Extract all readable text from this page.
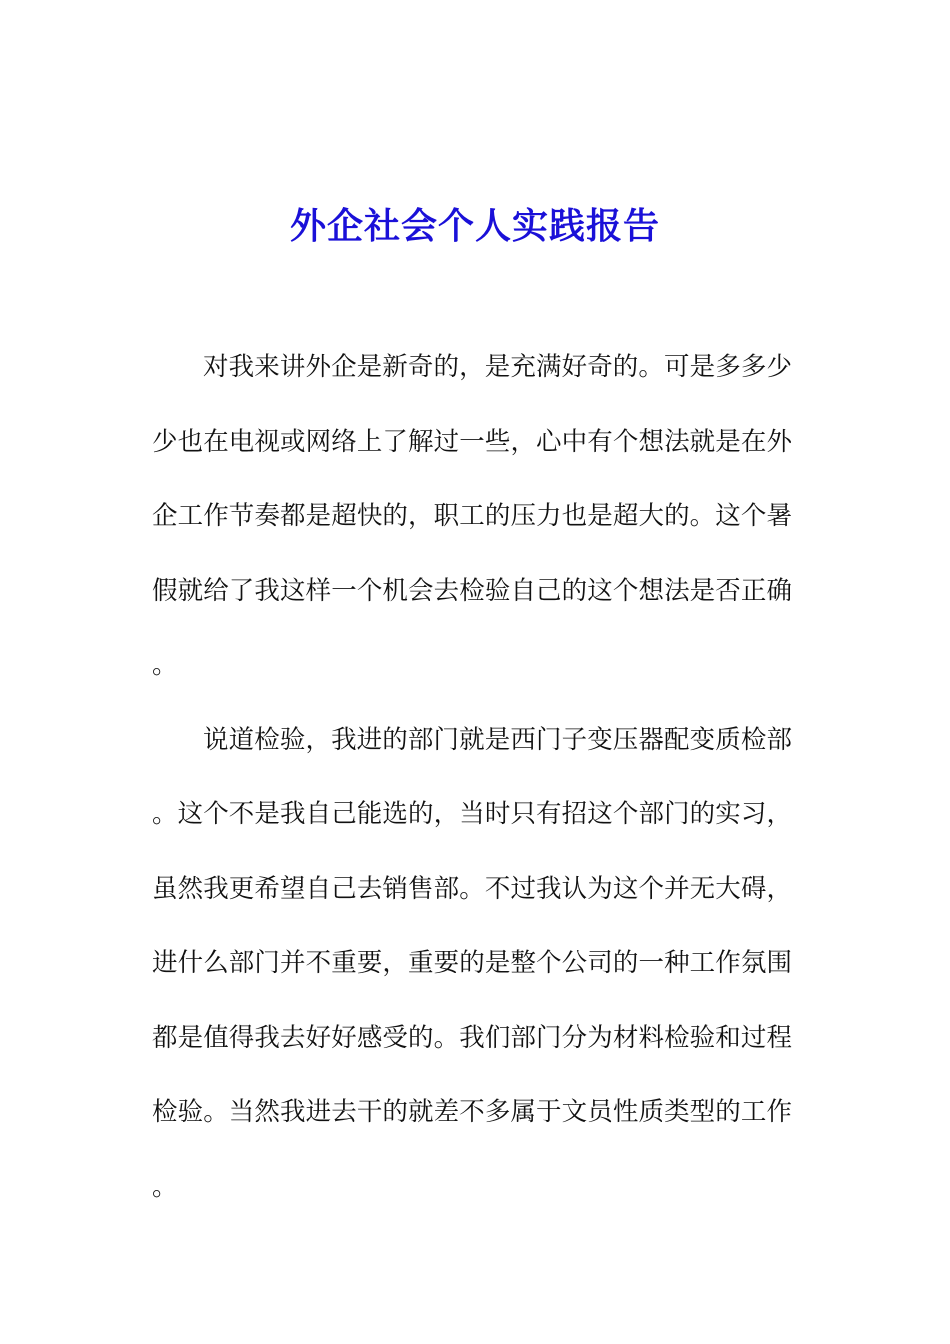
外企社会个人实践报告

对我来讲外企是新奇的，是充满好奇的。可是多多少少也在电视或网络上了解过一些，心中有个想法就是在外企工作节奏都是超快的，职工的压力也是超大的。这个暑假就给了我这样一个机会去检验自己的这个想法是否正确。

说道检验，我进的部门就是西门子变压器配变质检部。这个不是我自己能选的，当时只有招这个部门的实习，虽然我更希望自己去销售部。不过我认为这个并无大碍，进什么部门并不重要，重要的是整个公司的一种工作氛围都是值得我去好好感受的。我们部门分为材料检验和过程检验。当然我进去干的就差不多属于文员性质类型的工作。
